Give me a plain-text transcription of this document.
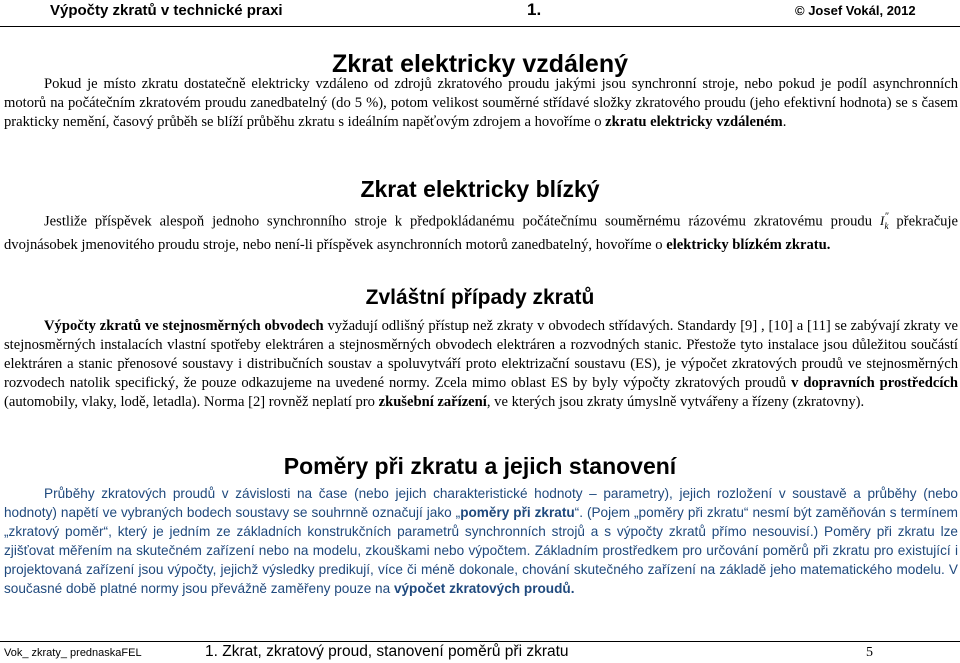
Výpočty zkratů v technické praxi	1.	© Josef Vokál, 2012
Zkrat elektricky vzdálený

Pokud je místo zkratu dostatečně elektricky vzdáleno od zdrojů zkratového proudu jakými jsou synchronní stroje, nebo pokud je podíl asynchronních motorů na počátečním zkratovém proudu zanedbatelný (do 5 %), potom velikost souměrné střídavé složky zkratového proudu (jeho efektivní hodnota) se s časem prakticky nemění, časový průběh se blíží průběhu zkratu s ideálním napěťovým zdrojem a hovoříme o zkratu elektricky vzdáleném.

Zkrat elektricky blízký

Jestliže příspěvek alespoň jednoho synchronního stroje k předpokládanému počátečnímu souměrnému rázovému zkratovému proudu $I''_k$ překračuje dvojnásobek jmenovitého proudu stroje, nebo není-li příspěvek asynchronních motorů zanedbatelný, hovoříme o elektricky blízkém zkratu.

Zvláštní případy zkratů

Výpočty zkratů ve stejnosměrných obvodech vyžadují odlišný přístup než zkraty v obvodech střídavých. Standardy [9] , [10] a [11] se zabývají zkraty ve stejnosměrných instalacích vlastní spotřeby elektráren a stejnosměrných obvodech elektráren a rozvodných stanic. Přestože tyto instalace jsou důležitou součástí elektráren a stanic přenosové soustavy i distribučních soustav a spoluvytváří proto elektrizační soustavu (ES), je výpočet zkratových proudů ve stejnosměrných rozvodech natolik specifický, že pouze odkazujeme na uvedené normy. Zcela mimo oblast ES by byly výpočty zkratových proudů v dopravních prostředcích (automobily, vlaky, lodě, letadla). Norma [2] rovněž neplatí pro zkušební zařízení, ve kterých jsou zkraty úmyslně vytvářeny a řízeny (zkratovny).

Poměry při zkratu a jejich stanovení

Průběhy zkratových proudů v závislosti na čase (nebo jejich charakteristické hodnoty – parametry), jejich rozložení v soustavě a průběhy (nebo hodnoty) napětí ve vybraných bodech soustavy se souhrnně označují jako „poměry při zkratu“. (Pojem „poměry při zkratu“ nesmí být zaměňován s termínem „zkratový poměr“, který je jedním ze základních konstrukčních parametrů synchronních strojů a s výpočty zkratů přímo nesouvisí.) Poměry při zkratu lze zjišťovat měřením na skutečném zařízení nebo na modelu, zkouškami nebo výpočtem. Základním prostředkem pro určování poměrů při zkratu pro existující i projektovaná zařízení jsou výpočty, jejichž výsledky predikují, více či méně dokonale, chování skutečného zařízení na základě jeho matematického modelu. V současné době platné normy jsou převážně zaměřeny pouze na výpočet zkratových proudů.

Vok_ zkraty_ prednaskaFEL	1. Zkrat, zkratový proud, stanovení poměrů při zkratu	5
